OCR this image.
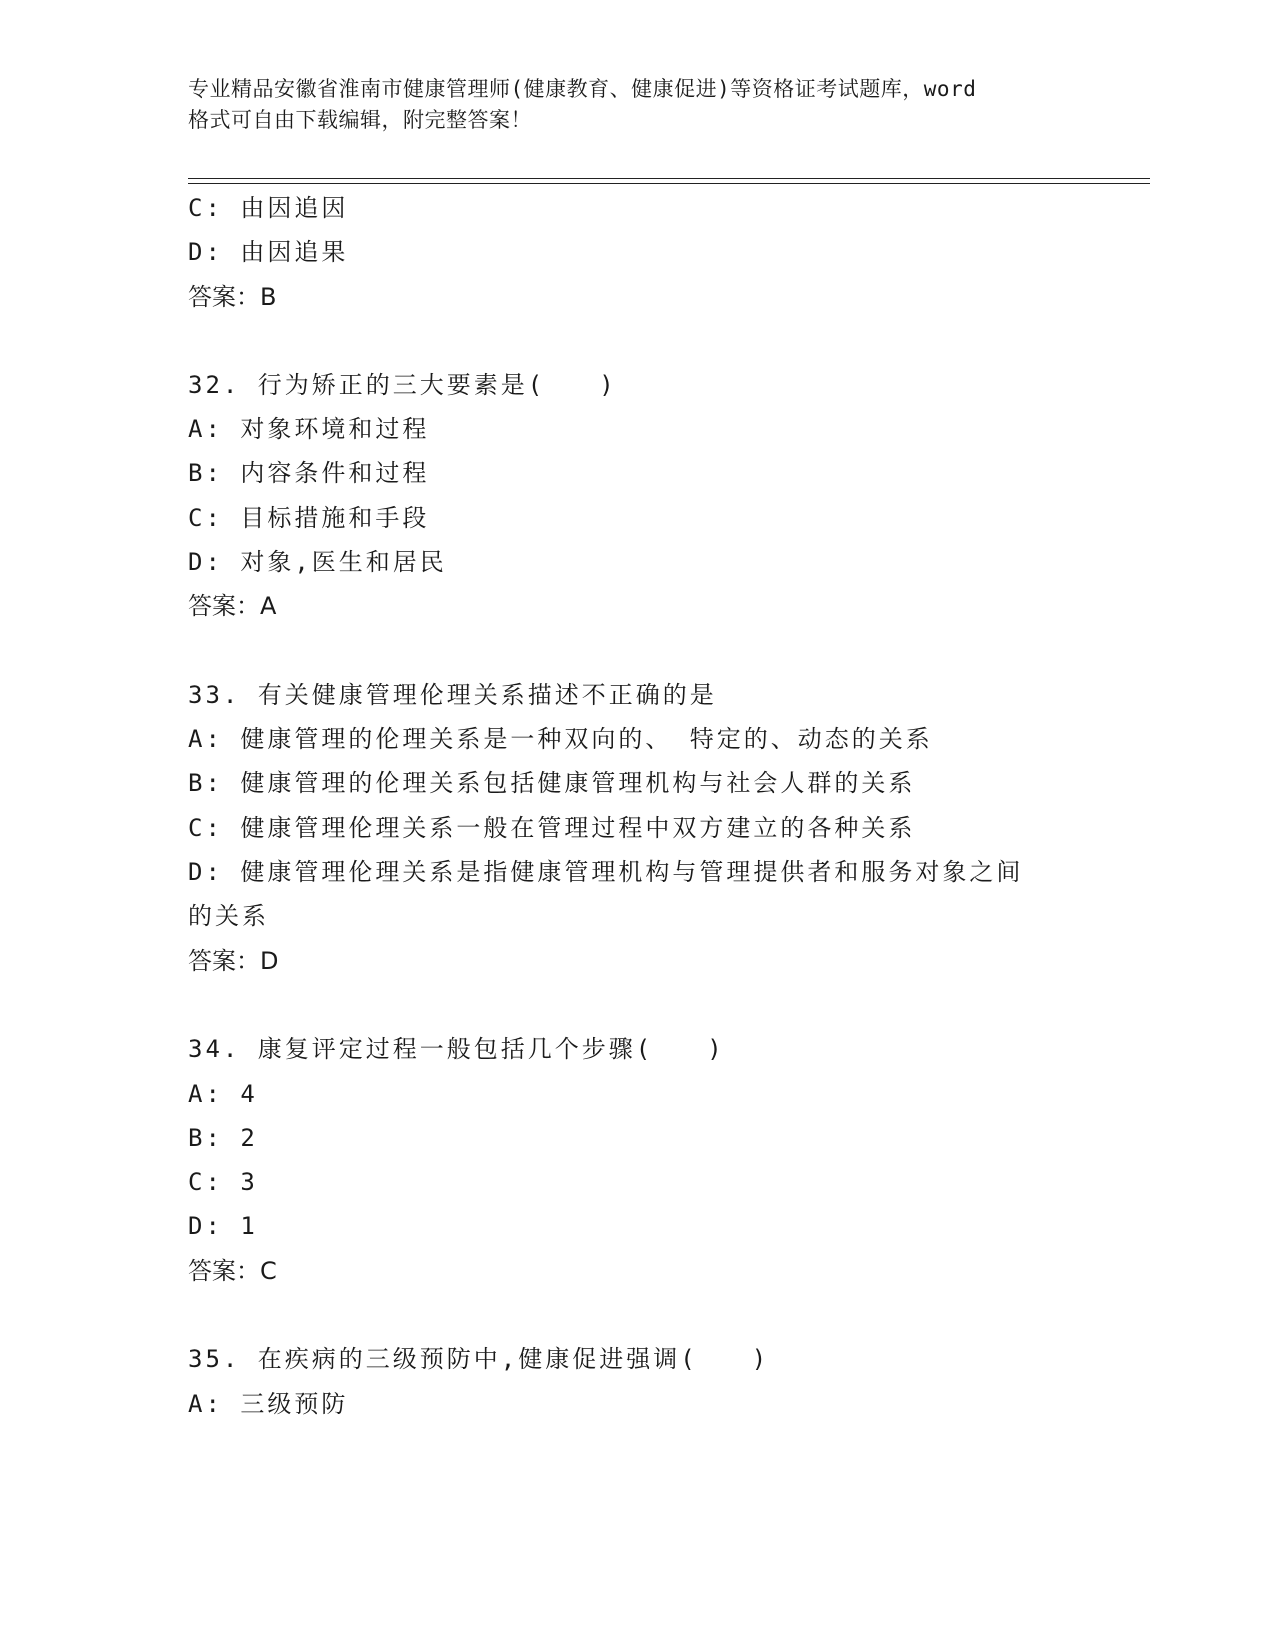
专业精品安徽省淮南市健康管理师(健康教育、健康促进)等资格证考试题库，word
格式可自由下载编辑，附完整答案！
C: 由因追因
D: 由因追果
答案：B
32. 行为矫正的三大要素是(　　)
A: 对象环境和过程
B: 内容条件和过程
C: 目标措施和手段
D: 对象,医生和居民
答案：A
33. 有关健康管理伦理关系描述不正确的是
A: 健康管理的伦理关系是一种双向的、 特定的、动态的关系
B: 健康管理的伦理关系包括健康管理机构与社会人群的关系
C: 健康管理伦理关系一般在管理过程中双方建立的各种关系
D: 健康管理伦理关系是指健康管理机构与管理提供者和服务对象之间
的关系
答案：D
34. 康复评定过程一般包括几个步骤(　　)
A: 4
B: 2
C: 3
D: 1
答案：C
35. 在疾病的三级预防中,健康促进强调(　　)
A: 三级预防
